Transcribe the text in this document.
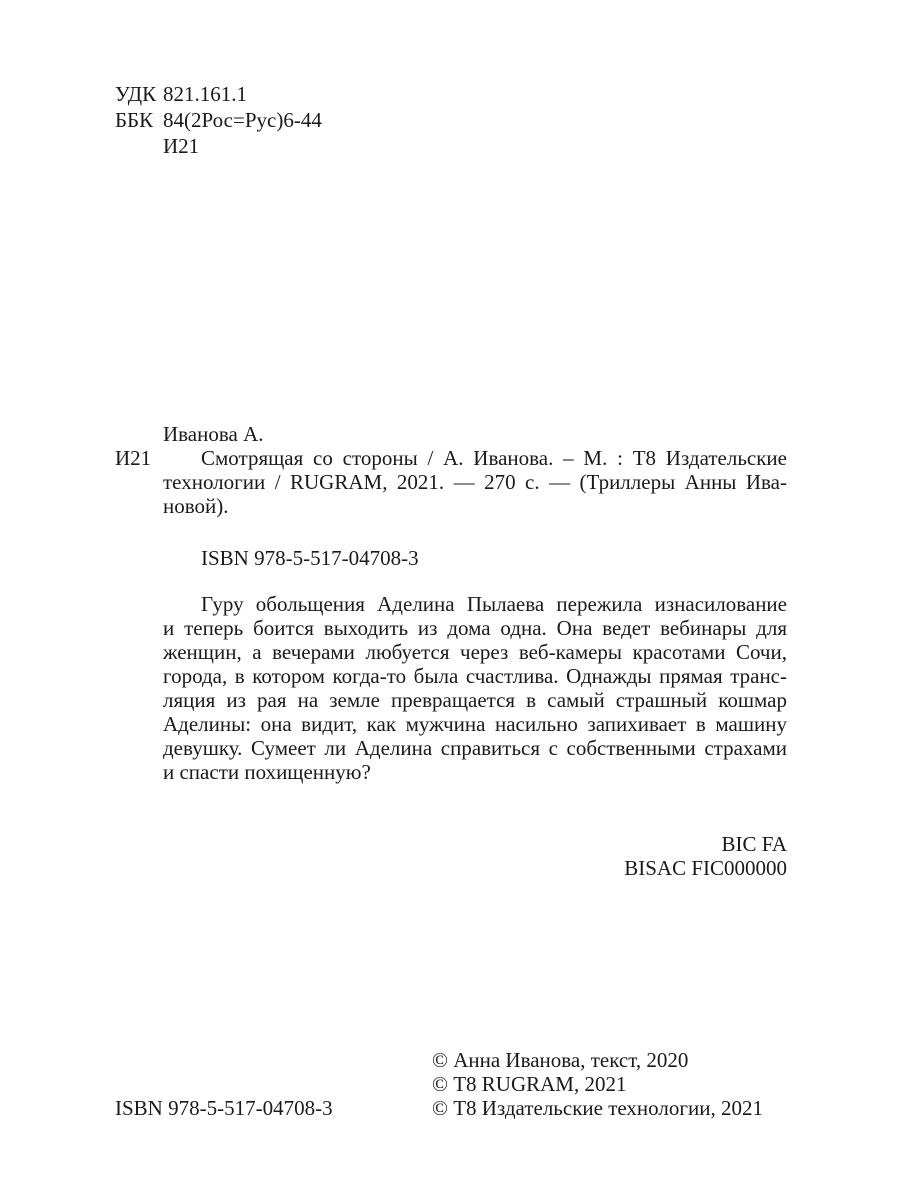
УДК 821.161.1
ББК 84(2Рос=Рус)6-44
И21
Иванова А.
И21 Смотрящая со стороны / А. Иванова. – М. : Т8 Издательские
технологии / RUGRAM, 2021. — 270 с. — (Триллеры Анны Ива-
новой).
ISBN 978-5-517-04708-3
Гуру обольщения Аделина Пылаева пережила изнасилование
и теперь боится выходить из дома одна. Она ведет вебинары для
женщин, а вечерами любуется через веб-камеры красотами Сочи,
города, в котором когда-то была счастлива. Однажды прямая транс-
ляция из рая на земле превращается в самый страшный кошмар
Аделины: она видит, как мужчина насильно запихивает в машину
девушку. Сумеет ли Аделина справиться с собственными страхами
и спасти похищенную?
BIC FA
BISAC FIC000000
© Анна Иванова, текст, 2020
© Т8 RUGRAM, 2021
© Т8 Издательские технологии, 2021
ISBN 978-5-517-04708-3
